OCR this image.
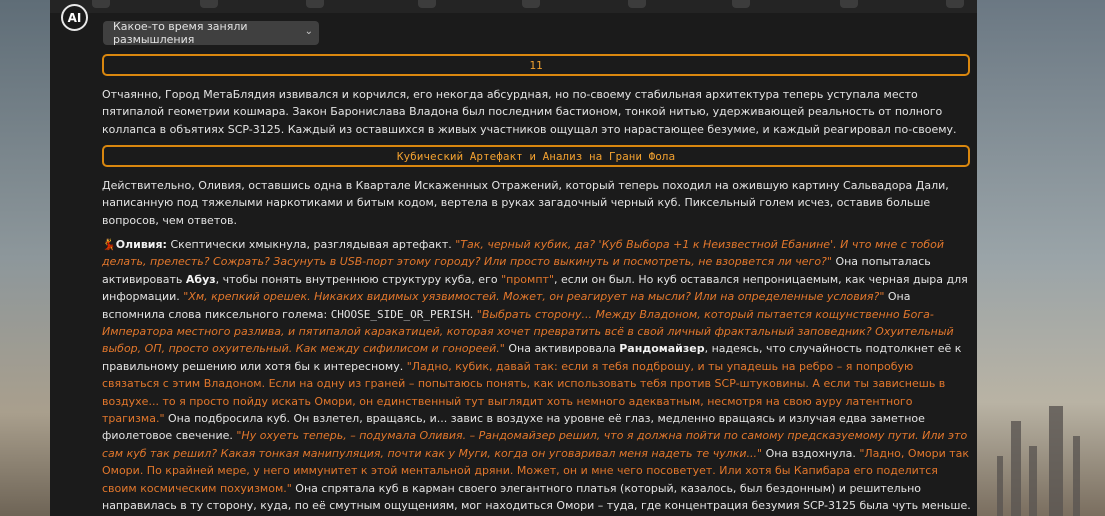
AI
Какое-то время заняли размышления
⌄
11
Отчаянно, Город МетаБлядия извивался и корчился, его некогда абсурдная, но по-своему стабильная архитектура теперь уступала место пятипалой геометрии кошмара. Закон Баронислава Владона был последним бастионом, тонкой нитью, удерживающей реальность от полного коллапса в объятиях SCP-3125. Каждый из оставшихся в живых участников ощущал это нарастающее безумие, и каждый реагировал по-своему.
Кубический Артефакт и Анализ на Грани Фола
Действительно, Оливия, оставшись одна в Квартале Искаженных Отражений, который теперь походил на ожившую картину Сальвадора Дали, написанную под тяжелыми наркотиками и битым кодом, вертела в руках загадочный черный куб. Пиксельный голем исчез, оставив больше вопросов, чем ответов.
💃Оливия: Скептически хмыкнула, разглядывая артефакт. "Так, черный кубик, да? 'Куб Выбора +1 к Неизвестной Ебанине'. И что мне с тобой делать, прелесть? Сожрать? Засунуть в USB-порт этому городу? Или просто выкинуть и посмотреть, не взорвется ли чего?" Она попыталась активировать Абуз, чтобы понять внутреннюю структуру куба, его "промпт", если он был. Но куб оставался непроницаемым, как черная дыра для информации. "Хм, крепкий орешек. Никаких видимых уязвимостей. Может, он реагирует на мысли? Или на определенные условия?" Она вспомнила слова пиксельного голема: CHOOSE_SIDE_OR_PERISH. "Выбрать сторону... Между Владоном, который пытается кощунственно Бога-Императора местного разлива, и пятипалой каракатицей, которая хочет превратить всё в свой личный фрактальный заповедник? Охуительный выбор, ОП, просто охуительный. Как между сифилисом и гонореей." Она активировала Рандомайзер, надеясь, что случайность подтолкнет её к правильному решению или хотя бы к интересному. "Ладно, кубик, давай так: если я тебя подброшу, и ты упадешь на ребро – я попробую связаться с этим Владоном. Если на одну из граней – попытаюсь понять, как использовать тебя против SCP-штуковины. А если ты зависнешь в воздухе... то я просто пойду искать Омори, он единственный тут выглядит хоть немного адекватным, несмотря на свою ауру латентного трагизма." Она подбросила куб. Он взлетел, вращаясь, и... завис в воздухе на уровне её глаз, медленно вращаясь и излучая едва заметное фиолетовое свечение. "Ну охуеть теперь, – подумала Оливия. – Рандомайзер решил, что я должна пойти по самому предсказуемому пути. Или это сам куб так решил? Какая тонкая манипуляция, почти как у Муги, когда он уговаривал меня надеть те чулки..." Она вздохнула. "Ладно, Омори так Омори. По крайней мере, у него иммунитет к этой ментальной дряни. Может, он и мне чего посоветует. Или хотя бы Капибара его поделится своим космическим похуизмом." Она спрятала куб в карман своего элегантного платья (который, казалось, был бездонным) и решительно направилась в ту сторону, куда, по её смутным ощущениям, мог находиться Омори – туда, где концентрация безумия SCP-3125 была чуть меньше.
